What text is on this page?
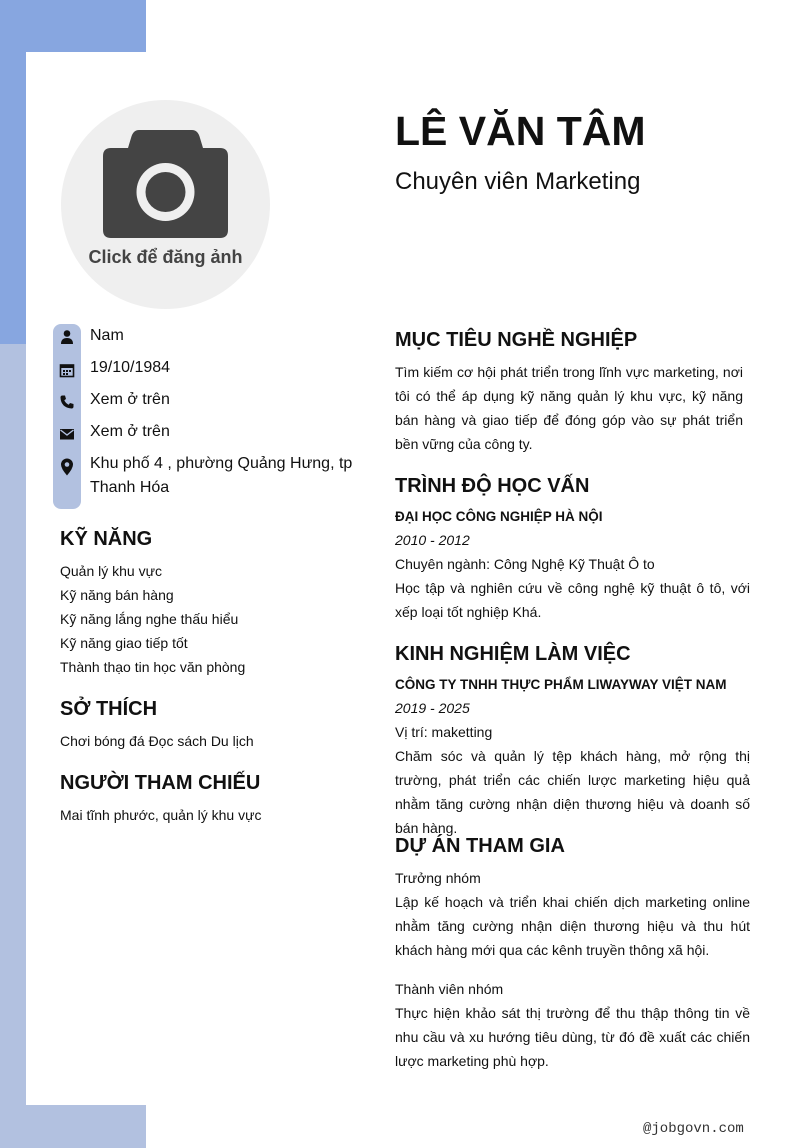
Click để đăng ảnh
LÊ VĂN TÂM
Chuyên viên Marketing
Nam
19/10/1984
Xem ở trên
Xem ở trên
Khu phố 4 , phường Quảng Hưng, tp Thanh Hóa
KỸ NĂNG
Quản lý khu vực
Kỹ năng bán hàng
Kỹ năng lắng nghe thấu hiểu
Kỹ năng giao tiếp tốt
Thành thạo tin học văn phòng
SỞ THÍCH
Chơi bóng đá Đọc sách Du lịch
NGƯỜI THAM CHIẾU
Mai tĩnh phước, quản lý khu vực
MỤC TIÊU NGHỀ NGHIỆP
Tìm kiếm cơ hội phát triển trong lĩnh vực marketing, nơi tôi có thể áp dụng kỹ năng quản lý khu vực, kỹ năng bán hàng và giao tiếp để đóng góp vào sự phát triển bền vững của công ty.
TRÌNH ĐỘ HỌC VẤN
ĐẠI HỌC CÔNG NGHIỆP HÀ NỘI
2010 - 2012
Chuyên ngành: Công Nghệ Kỹ Thuật Ô to
Học tập và nghiên cứu về công nghệ kỹ thuật ô tô, với xếp loại tốt nghiệp Khá.
KINH NGHIỆM LÀM VIỆC
CÔNG TY TNHH THỰC PHẨM LIWAYWAY VIỆT NAM
2019 - 2025
Vị trí: maketting
Chăm sóc và quản lý tệp khách hàng, mở rộng thị trường, phát triển các chiến lược marketing hiệu quả nhằm tăng cường nhận diện thương hiệu và doanh số bán hàng.
DỰ ÁN THAM GIA
Trưởng nhóm
Lập kế hoạch và triển khai chiến dịch marketing online nhằm tăng cường nhận diện thương hiệu và thu hút khách hàng mới qua các kênh truyền thông xã hội.
Thành viên nhóm
Thực hiện khảo sát thị trường để thu thập thông tin về nhu cầu và xu hướng tiêu dùng, từ đó đề xuất các chiến lược marketing phù hợp.
@jobgovn.com
